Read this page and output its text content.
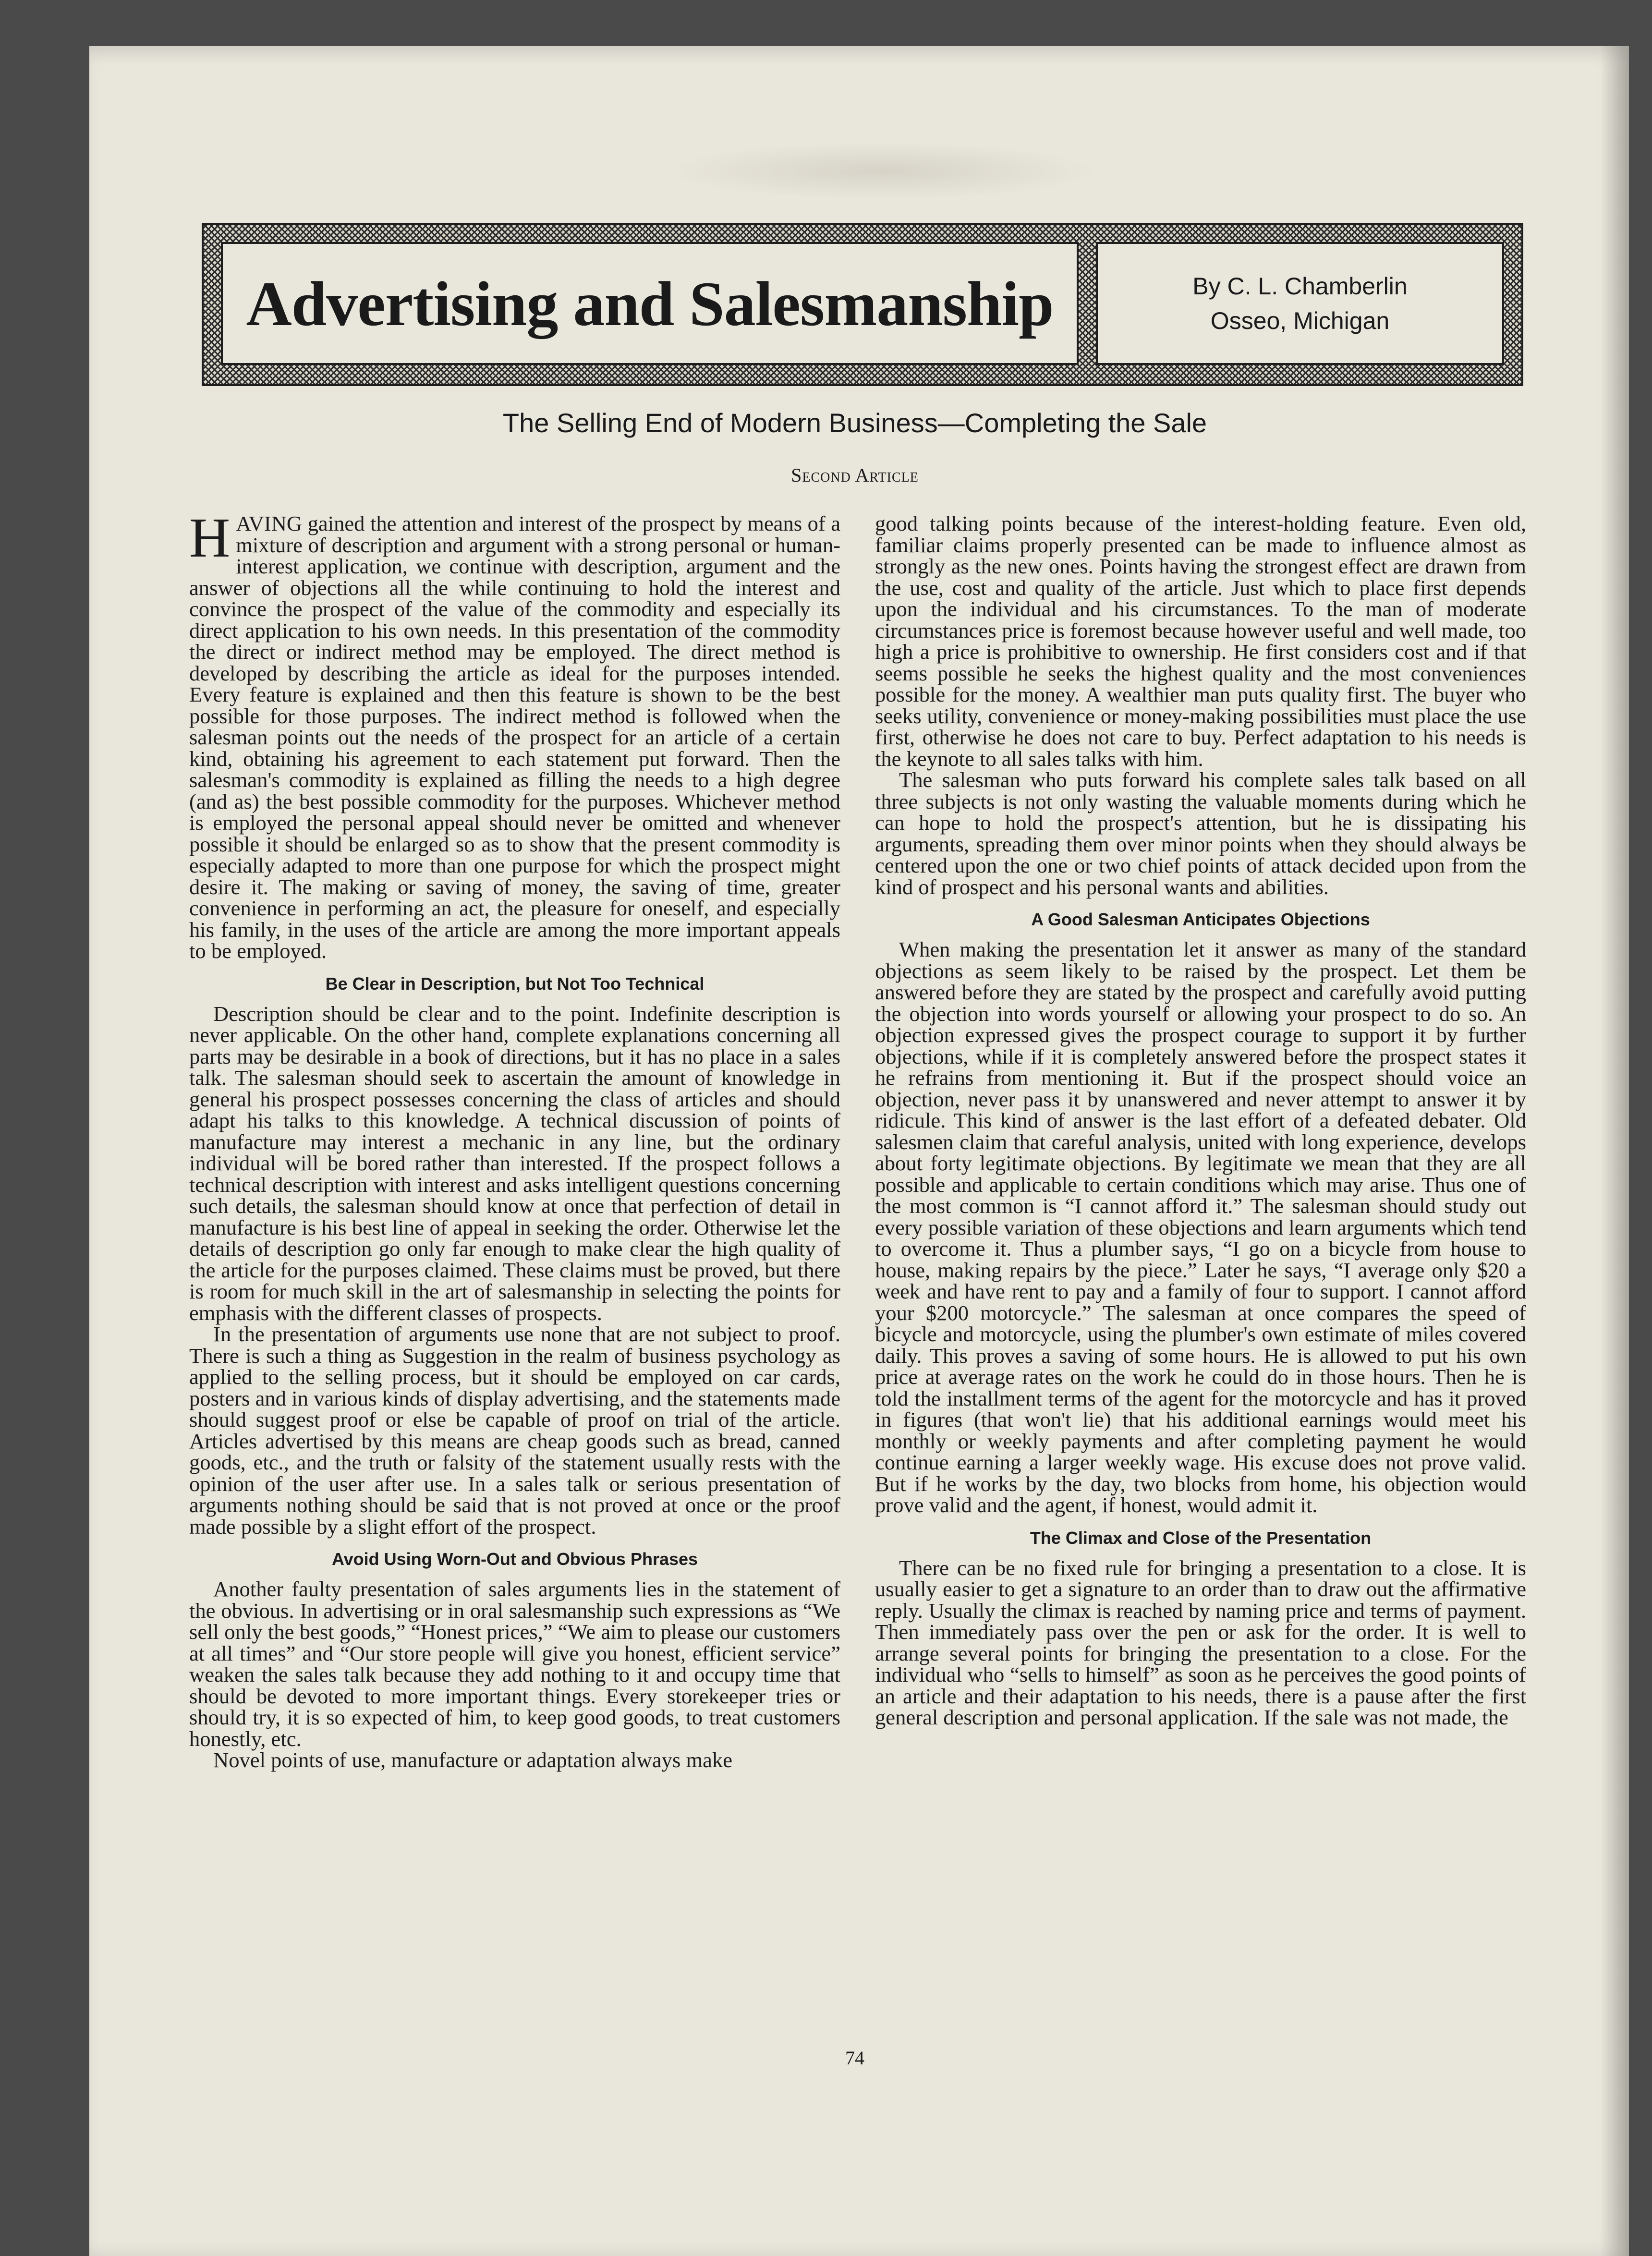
Advertising and Salesmanship	By C. L. Chamberlin
Osseo, Michigan
The Selling End of Modern Business—Completing the Sale
Second Article

HAVING gained the attention and interest of the prospect by means of a mixture of description and argument with a strong personal or human-interest application, we continue with description, argument and the answer of objections all the while continuing to hold the interest and convince the prospect of the value of the commodity and especially its direct application to his own needs. In this presentation of the commodity the direct or indirect method may be employed. The direct method is developed by describing the article as ideal for the purposes intended. Every feature is explained and then this feature is shown to be the best possible for those purposes. The indirect method is followed when the salesman points out the needs of the prospect for an article of a certain kind, obtaining his agreement to each statement put forward. Then the salesman's commodity is explained as filling the needs to a high degree (and as) the best possible commodity for the purposes. Whichever method is employed the personal appeal should never be omitted and whenever possible it should be enlarged so as to show that the present commodity is especially adapted to more than one purpose for which the prospect might desire it. The making or saving of money, the saving of time, greater convenience in performing an act, the pleasure for oneself, and especially his family, in the uses of the article are among the more important appeals to be employed.

Be Clear in Description, but Not Too Technical

Description should be clear and to the point. Indefinite description is never applicable. On the other hand, complete explanations concerning all parts may be desirable in a book of directions, but it has no place in a sales talk. The salesman should seek to ascertain the amount of knowledge in general his prospect possesses concerning the class of articles and should adapt his talks to this knowledge. A technical discussion of points of manufacture may interest a mechanic in any line, but the ordinary individual will be bored rather than interested. If the prospect follows a technical description with interest and asks intelligent questions concerning such details, the salesman should know at once that perfection of detail in manufacture is his best line of appeal in seeking the order. Otherwise let the details of description go only far enough to make clear the high quality of the article for the purposes claimed. These claims must be proved, but there is room for much skill in the art of salesmanship in selecting the points for emphasis with the different classes of prospects.

In the presentation of arguments use none that are not subject to proof. There is such a thing as Suggestion in the realm of business psychology as applied to the selling process, but it should be employed on car cards, posters and in various kinds of display advertising, and the statements made should suggest proof or else be capable of proof on trial of the article. Articles advertised by this means are cheap goods such as bread, canned goods, etc., and the truth or falsity of the statement usually rests with the opinion of the user after use. In a sales talk or serious presentation of arguments nothing should be said that is not proved at once or the proof made possible by a slight effort of the prospect.

Avoid Using Worn-Out and Obvious Phrases

Another faulty presentation of sales arguments lies in the statement of the obvious. In advertising or in oral salesmanship such expressions as “We sell only the best goods,” “Honest prices,” “We aim to please our customers at all times” and “Our store people will give you honest, efficient service” weaken the sales talk because they add nothing to it and occupy time that should be devoted to more important things. Every storekeeper tries or should try, it is so expected of him, to keep good goods, to treat customers honestly, etc.

Novel points of use, manufacture or adaptation always make

good talking points because of the interest-holding feature. Even old, familiar claims properly presented can be made to influence almost as strongly as the new ones. Points having the strongest effect are drawn from the use, cost and quality of the article. Just which to place first depends upon the individual and his circumstances. To the man of moderate circumstances price is foremost because however useful and well made, too high a price is prohibitive to ownership. He first considers cost and if that seems possible he seeks the highest quality and the most conveniences possible for the money. A wealthier man puts quality first. The buyer who seeks utility, convenience or money-making possibilities must place the use first, otherwise he does not care to buy. Perfect adaptation to his needs is the keynote to all sales talks with him.

The salesman who puts forward his complete sales talk based on all three subjects is not only wasting the valuable moments during which he can hope to hold the prospect's attention, but he is dissipating his arguments, spreading them over minor points when they should always be centered upon the one or two chief points of attack decided upon from the kind of prospect and his personal wants and abilities.

A Good Salesman Anticipates Objections

When making the presentation let it answer as many of the standard objections as seem likely to be raised by the prospect. Let them be answered before they are stated by the prospect and carefully avoid putting the objection into words yourself or allowing your prospect to do so. An objection expressed gives the prospect courage to support it by further objections, while if it is completely answered before the prospect states it he refrains from mentioning it. But if the prospect should voice an objection, never pass it by unanswered and never attempt to answer it by ridicule. This kind of answer is the last effort of a defeated debater. Old salesmen claim that careful analysis, united with long experience, develops about forty legitimate objections. By legitimate we mean that they are all possible and applicable to certain conditions which may arise. Thus one of the most common is “I cannot afford it.” The salesman should study out every possible variation of these objections and learn arguments which tend to overcome it. Thus a plumber says, “I go on a bicycle from house to house, making repairs by the piece.” Later he says, “I average only $20 a week and have rent to pay and a family of four to support. I cannot afford your $200 motorcycle.” The salesman at once compares the speed of bicycle and motorcycle, using the plumber's own estimate of miles covered daily. This proves a saving of some hours. He is allowed to put his own price at average rates on the work he could do in those hours. Then he is told the installment terms of the agent for the motorcycle and has it proved in figures (that won't lie) that his additional earnings would meet his monthly or weekly payments and after completing payment he would continue earning a larger weekly wage. His excuse does not prove valid. But if he works by the day, two blocks from home, his objection would prove valid and the agent, if honest, would admit it.

The Climax and Close of the Presentation

There can be no fixed rule for bringing a presentation to a close. It is usually easier to get a signature to an order than to draw out the affirmative reply. Usually the climax is reached by naming price and terms of payment. Then immediately pass over the pen or ask for the order. It is well to arrange several points for bringing the presentation to a close. For the individual who “sells to himself” as soon as he perceives the good points of an article and their adaptation to his needs, there is a pause after the first general description and personal application. If the sale was not made, the

74
